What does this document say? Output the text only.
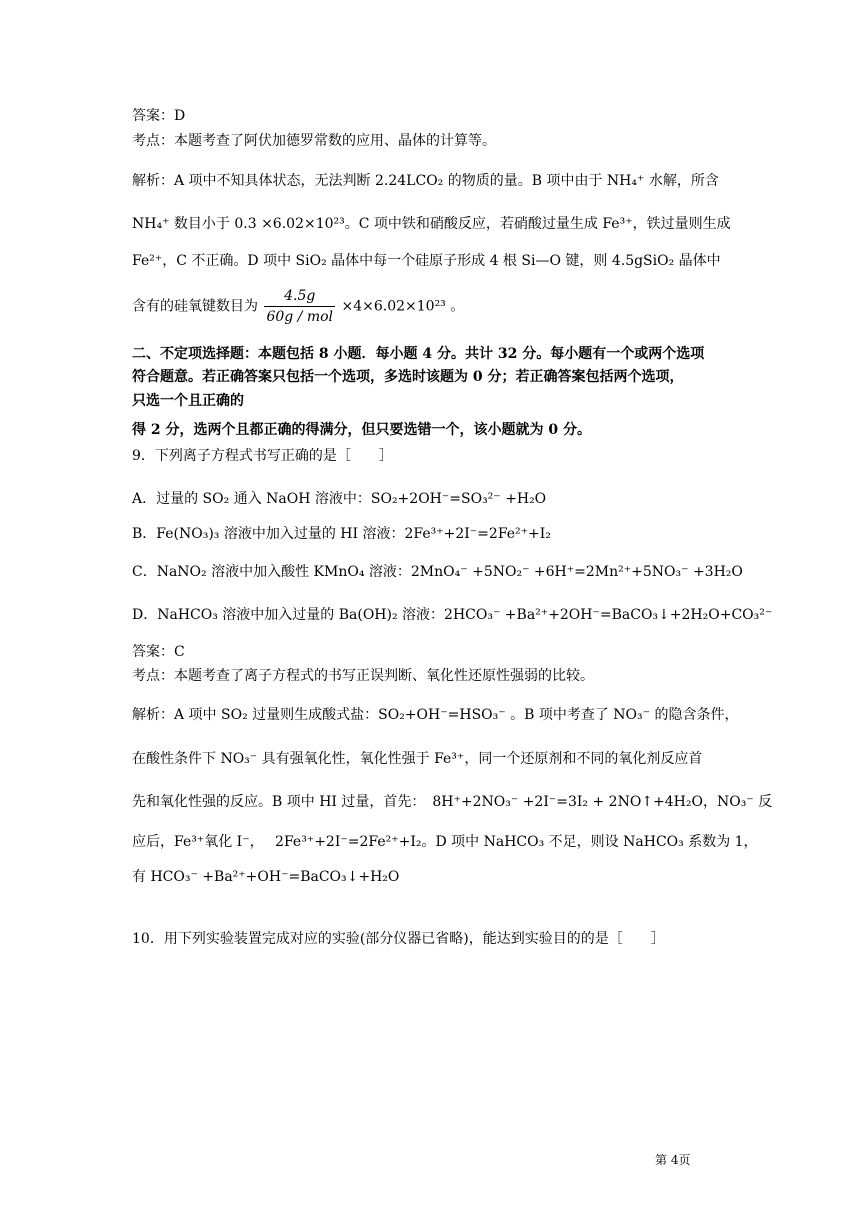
答案：D
考点：本题考查了阿伏加德罗常数的应用、晶体的计算等。
解析：A 项中不知具体状态，无法判断 2.24LCO₂ 的物质的量。B 项中由于 NH₄⁺ 水解，所含
NH₄⁺ 数目小于 0.3 ×6.02×10²³。C 项中铁和硝酸反应，若硝酸过量生成 Fe³⁺，铁过量则生成
Fe²⁺，C 不正确。D 项中 SiO₂ 晶体中每一个硅原子形成 4 根 Si—O 键，则 4.5gSiO₂ 晶体中
含有的硅氧键数目为 $\frac{4.5g}{\text{60g / mol}} \times 4\times 6.02\times 10^{23}$ 。
二、不定项选择题：本题包括 8 小题．每小题 4 分。共计 32 分。每小题有一个或两个选项
符合题意。若正确答案只包括一个选项，多选时该题为 0 分；若正确答案包括两个选项，
只选一个且正确的
得 2 分，选两个且都正确的得满分，但只要选错一个，该小题就为 0 分。
9．下列离子方程式书写正确的是［　　］
A．过量的 SO₂ 通入 NaOH 溶液中：SO₂+2OH⁻=SO₃²⁻ +H₂O
B．Fe(NO₃)₃ 溶液中加入过量的 HI 溶液：2Fe³⁺+2I⁻=2Fe²⁺+I₂
C．NaNO₂ 溶液中加入酸性 KMnO₄ 溶液：2MnO₄⁻ +5NO₂⁻ +6H⁺=2Mn²⁺+5NO₃⁻ +3H₂O
D．NaHCO₃ 溶液中加入过量的 Ba(OH)₂ 溶液：2HCO₃⁻ +Ba²⁺+2OH⁻=BaCO₃↓+2H₂O+CO₃²⁻
答案：C
考点：本题考查了离子方程式的书写正误判断、氧化性还原性强弱的比较。
解析：A 项中 SO₂ 过量则生成酸式盐：SO₂+OH⁻=HSO₃⁻ 。B 项中考查了 NO₃⁻ 的隐含条件，
在酸性条件下 NO₃⁻ 具有强氧化性，氧化性强于 Fe³⁺，同一个还原剂和不同的氧化剂反应首
先和氧化性强的反应。B 项中 HI 过量，首先：　8H⁺+2NO₃⁻ +2I⁻=3I₂ + 2NO↑+4H₂O，NO₃⁻ 反
应后，Fe³⁺氧化 I⁻，　 2Fe³⁺+2I⁻=2Fe²⁺+I₂。D 项中 NaHCO₃ 不足，则设 NaHCO₃ 系数为 1，
有 HCO₃⁻ +Ba²⁺+OH⁻=BaCO₃↓+H₂O
10．用下列实验装置完成对应的实验(部分仪器已省略)，能达到实验目的的是［　　］
第 4页
